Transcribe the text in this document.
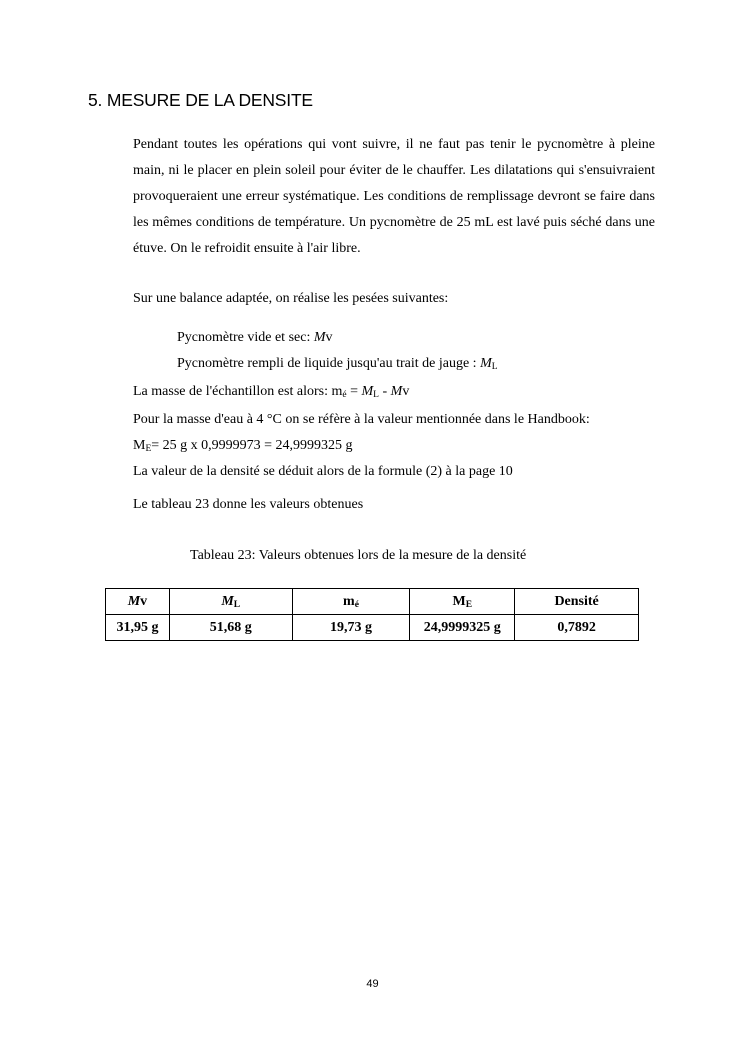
5. MESURE DE LA DENSITE
Pendant toutes les opérations qui vont suivre, il ne faut pas tenir le pycnomètre à pleine main, ni le placer en plein soleil pour éviter de le chauffer. Les dilatations qui s'ensuivraient provoqueraient une erreur systématique. Les conditions de remplissage devront se faire dans les mêmes conditions de température. Un pycnomètre de 25 mL est lavé puis séché dans une étuve. On le refroidit ensuite à l'air libre.
Sur une balance adaptée, on réalise les pesées suivantes:
Pycnomètre vide et sec: Mv
Pycnomètre rempli de liquide jusqu'au trait de jauge : $M_L$
La masse de l'échantillon est alors: $m_é = M_L - Mv$
Pour la masse d'eau à 4 °C on se réfère à la valeur mentionnée dans le Handbook:
$M_E= 25$ g x 0,9999973 = 24,9999325 g
La valeur de la densité se déduit alors de la formule (2) à la page 10
Le tableau 23 donne les valeurs obtenues
Tableau 23: Valeurs obtenues lors de la mesure de la densité
Mv	$M_L$	$m_é$	$M_E$	Densité
31,95 g	51,68 g	19,73 g	24,9999325 g	0,7892
49
